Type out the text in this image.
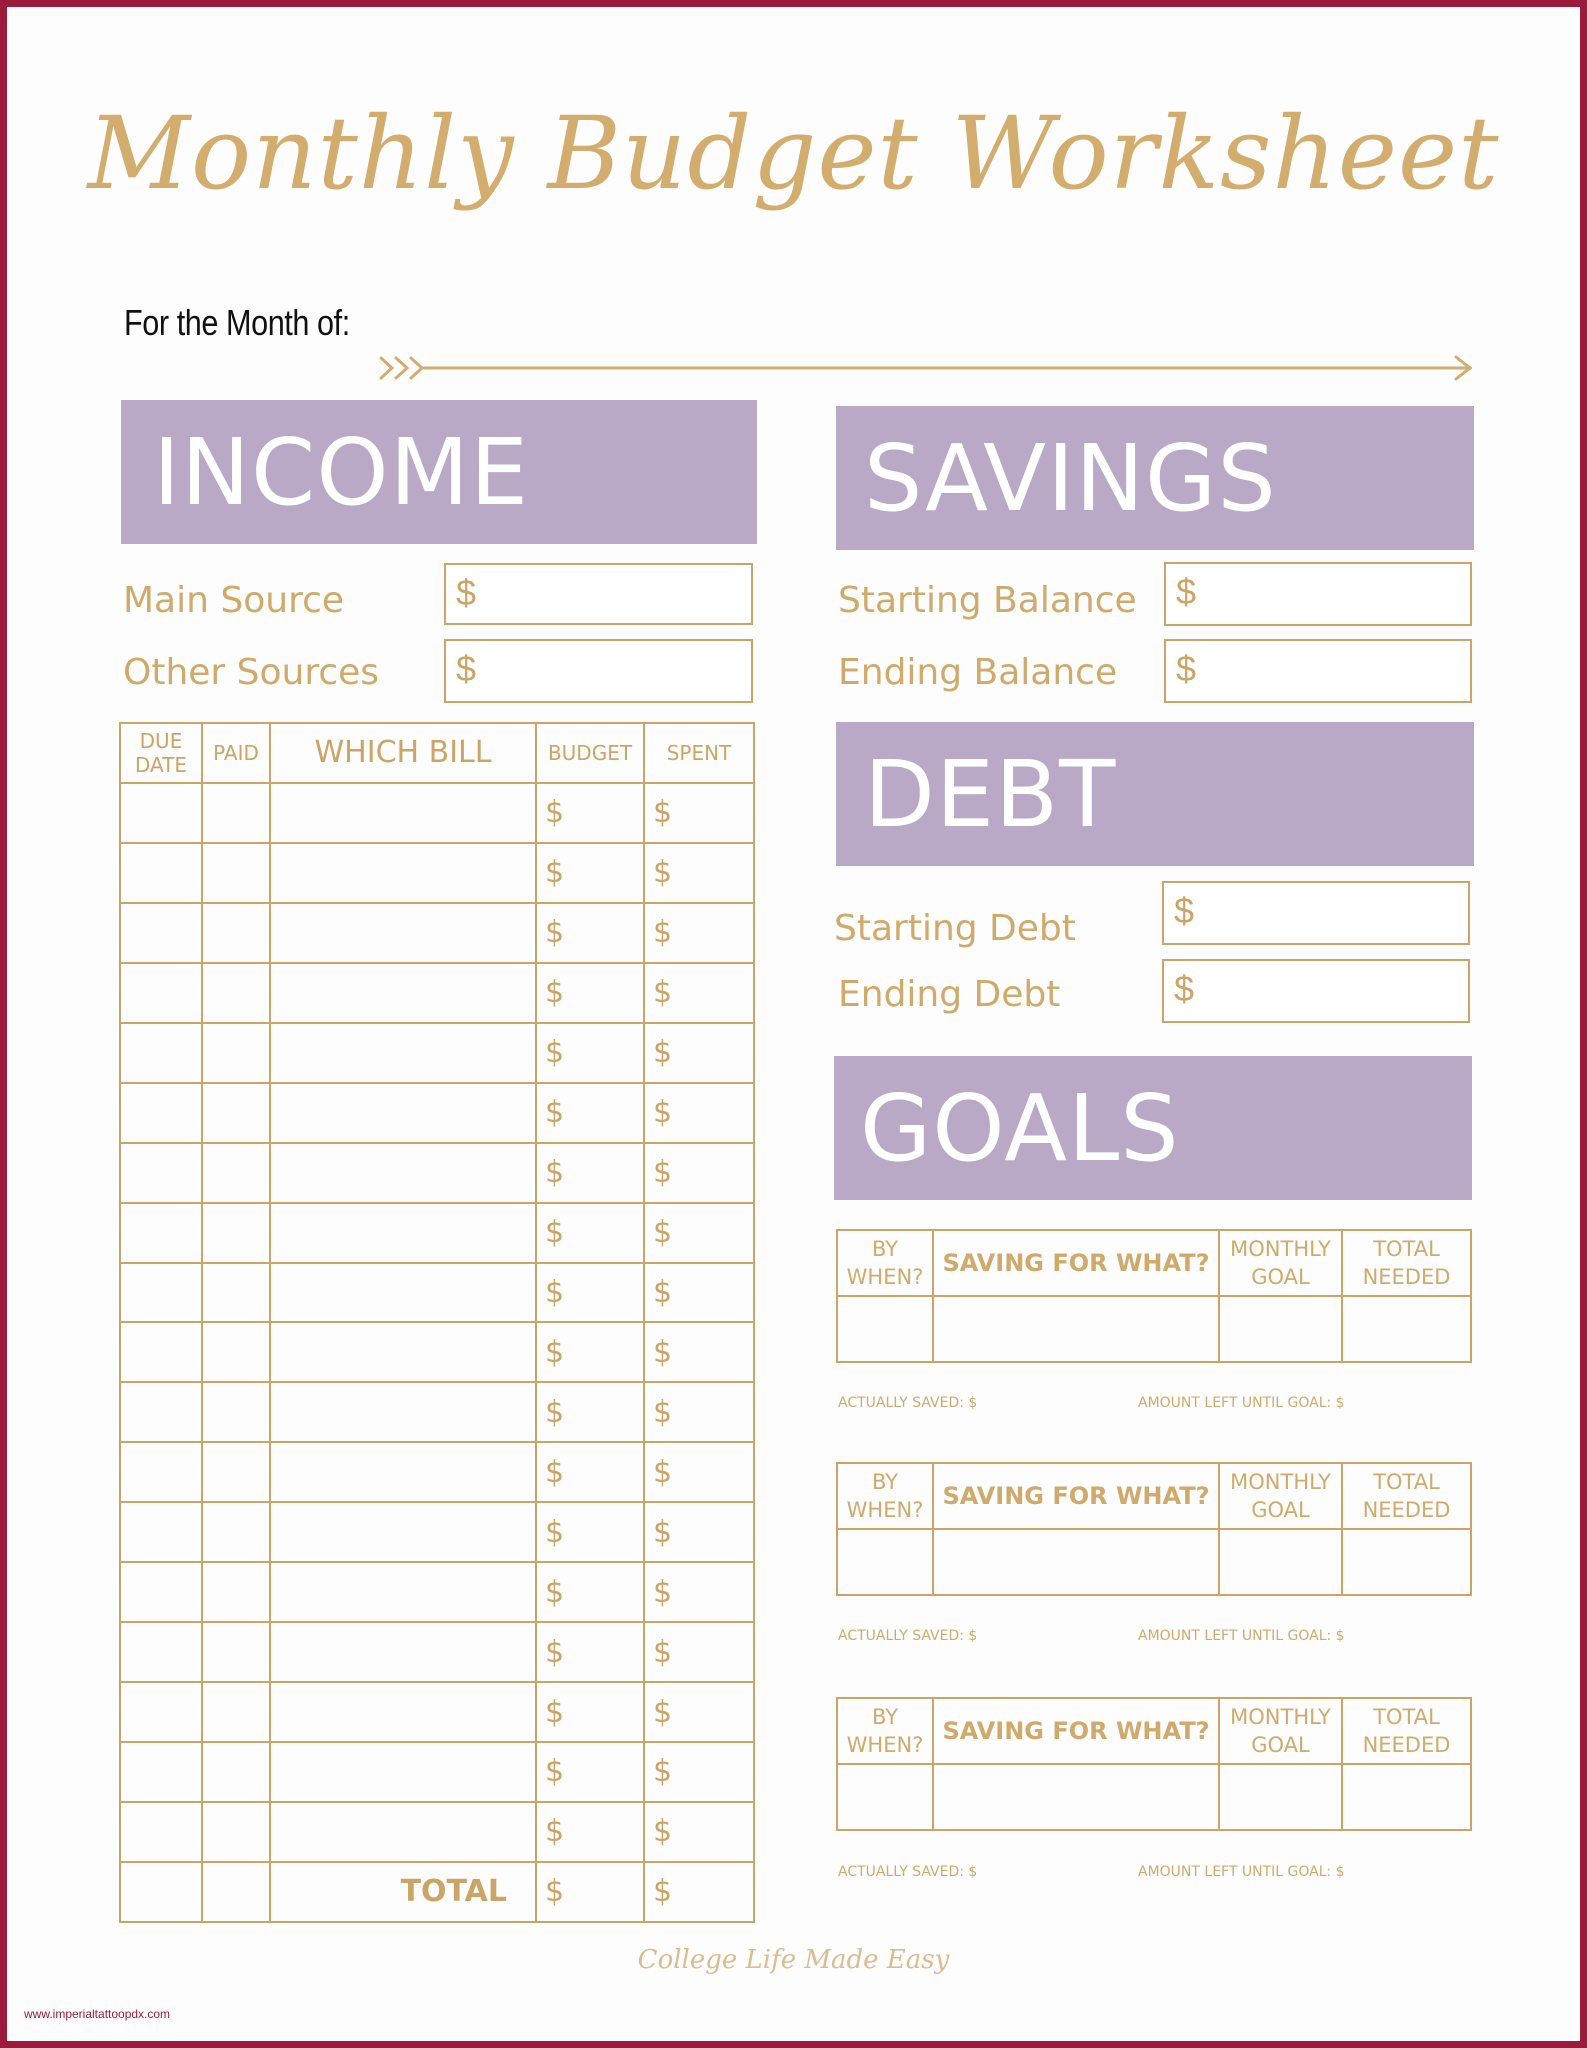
Monthly Budget Worksheet
For the Month of:
INCOME
Main Source	$
Other Sources	$
DUE DATE	PAID	WHICH BILL	BUDGET	SPENT
			$	$
			$	$
			$	$
			$	$
			$	$
			$	$
			$	$
			$	$
			$	$
			$	$
			$	$
			$	$
			$	$
			$	$
			$	$
			$	$
			$	$
			$	$
		TOTAL	$	$
SAVINGS
Starting Balance	$
Ending Balance	$
DEBT
Starting Debt	$
Ending Debt	$
GOALS
BY WHEN?	SAVING FOR WHAT?	MONTHLY GOAL	TOTAL NEEDED

ACTUALLY SAVED: $	AMOUNT LEFT UNTIL GOAL: $
BY WHEN?	SAVING FOR WHAT?	MONTHLY GOAL	TOTAL NEEDED

ACTUALLY SAVED: $	AMOUNT LEFT UNTIL GOAL: $
BY WHEN?	SAVING FOR WHAT?	MONTHLY GOAL	TOTAL NEEDED

ACTUALLY SAVED: $	AMOUNT LEFT UNTIL GOAL: $
College Life Made Easy
www.imperialtattoopdx.com
